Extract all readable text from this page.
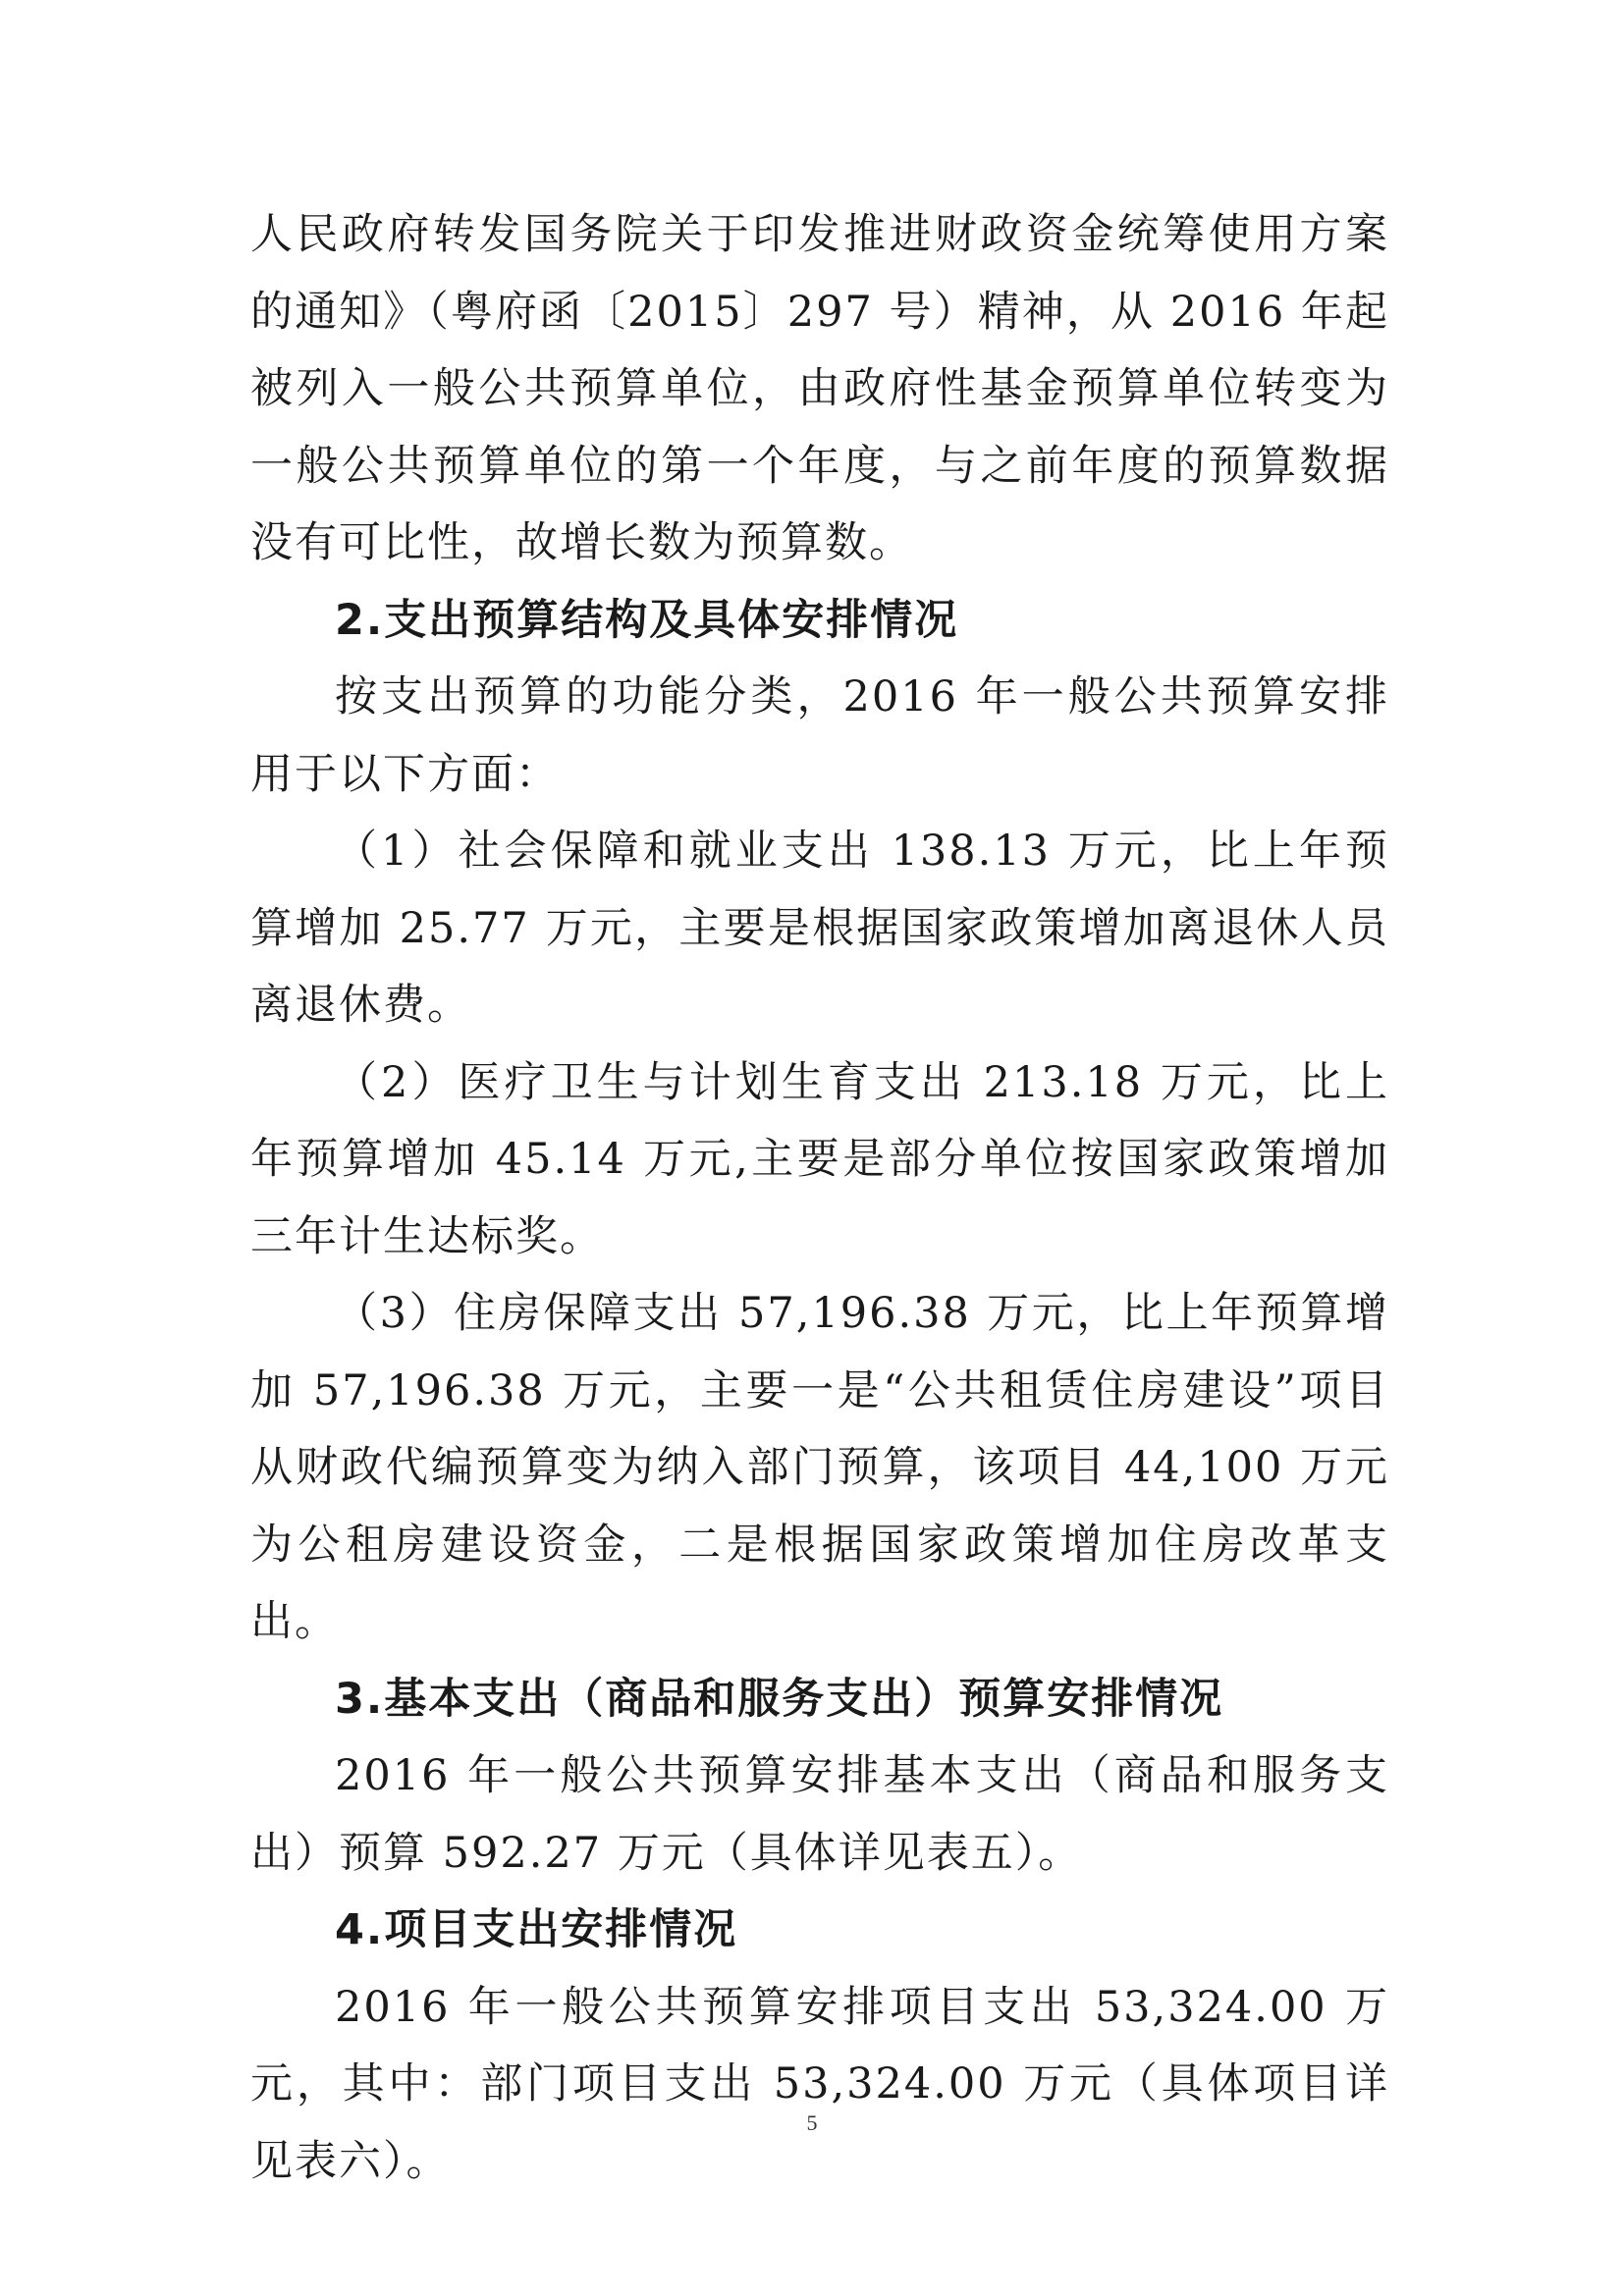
人民政府转发国务院关于印发推进财政资金统筹使用方案的通知》（粤府函〔2015〕297 号）精神，从 2016 年起被列入一般公共预算单位，由政府性基金预算单位转变为一般公共预算单位的第一个年度，与之前年度的预算数据没有可比性，故增长数为预算数。

2.支出预算结构及具体安排情况

按支出预算的功能分类，2016 年一般公共预算安排用于以下方面：

（1）社会保障和就业支出 138.13 万元，比上年预算增加 25.77 万元，主要是根据国家政策增加离退休人员离退休费。

（2）医疗卫生与计划生育支出 213.18 万元，比上年预算增加 45.14 万元,主要是部分单位按国家政策增加三年计生达标奖。

（3）住房保障支出 57,196.38 万元，比上年预算增加 57,196.38 万元，主要一是“公共租赁住房建设”项目从财政代编预算变为纳入部门预算，该项目 44,100 万元为公租房建设资金，二是根据国家政策增加住房改革支出。

3.基本支出（商品和服务支出）预算安排情况

2016 年一般公共预算安排基本支出（商品和服务支出）预算 592.27 万元（具体详见表五）。

4.项目支出安排情况

2016 年一般公共预算安排项目支出 53,324.00 万元，其中：部门项目支出 53,324.00 万元（具体项目详见表六）。

5
